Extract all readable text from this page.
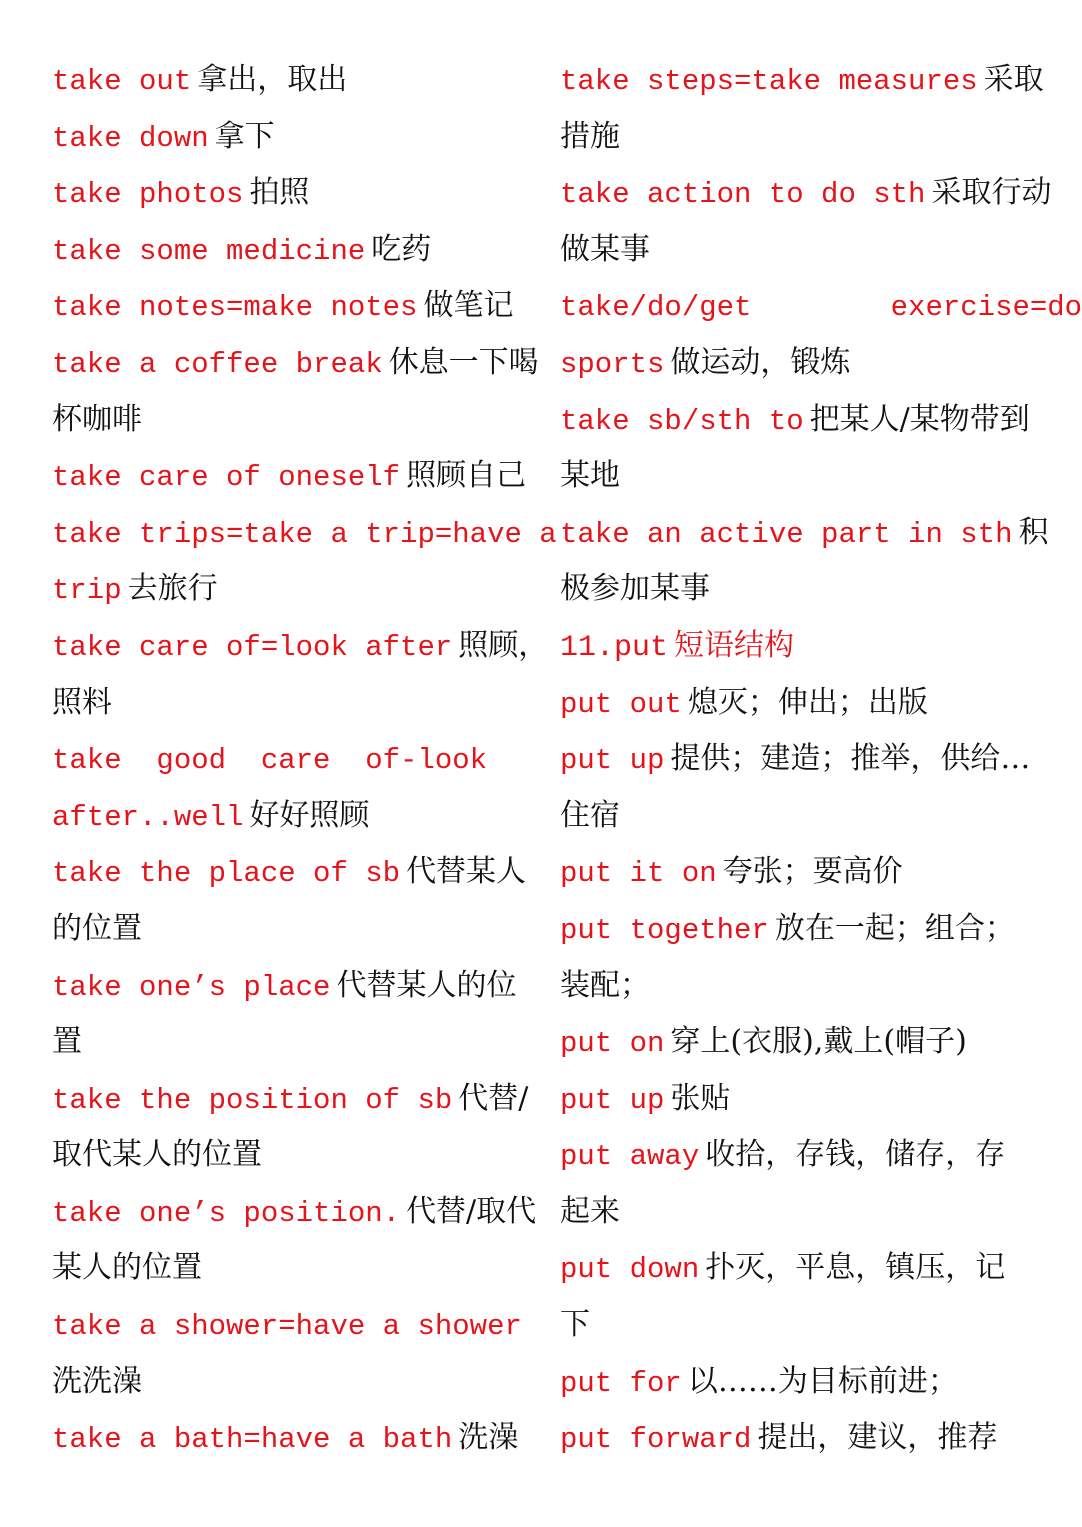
take out 拿出，取出
take down 拿下
take photos 拍照
take some medicine 吃药
take notes=make notes 做笔记
take a coffee break 休息一下喝
杯咖啡
take care of oneself 照顾自己
take trips=take a trip=have a
trip 去旅行
take care of=look after 照顾，
照料
take  good  care  of-look
after..well 好好照顾
take the place of sb 代替某人
的位置
take one’s place 代替某人的位
置
take the position of sb 代替/
取代某人的位置
take one’s position. 代替/取代
某人的位置
take a shower=have a shower
洗洗澡
take a bath=have a bath 洗澡
take steps=take measures 采取
措施
take action to do sth 采取行动
做某事
take/do/get        exercise=do
sports 做运动，锻炼
take sb/sth to 把某人/某物带到
某地
take an active part in sth 积
极参加某事
11.put 短语结构
put out 熄灭；伸出；出版
put up 提供；建造；推举，供给…
住宿
put it on 夸张；要高价
put together 放在一起；组合；
装配；
put on 穿上(衣服),戴上(帽子)
put up 张贴
put away 收拾，存钱，储存，存
起来
put down 扑灭，平息，镇压，记
下
put for 以……为目标前进；
put forward 提出，建议，推荐
